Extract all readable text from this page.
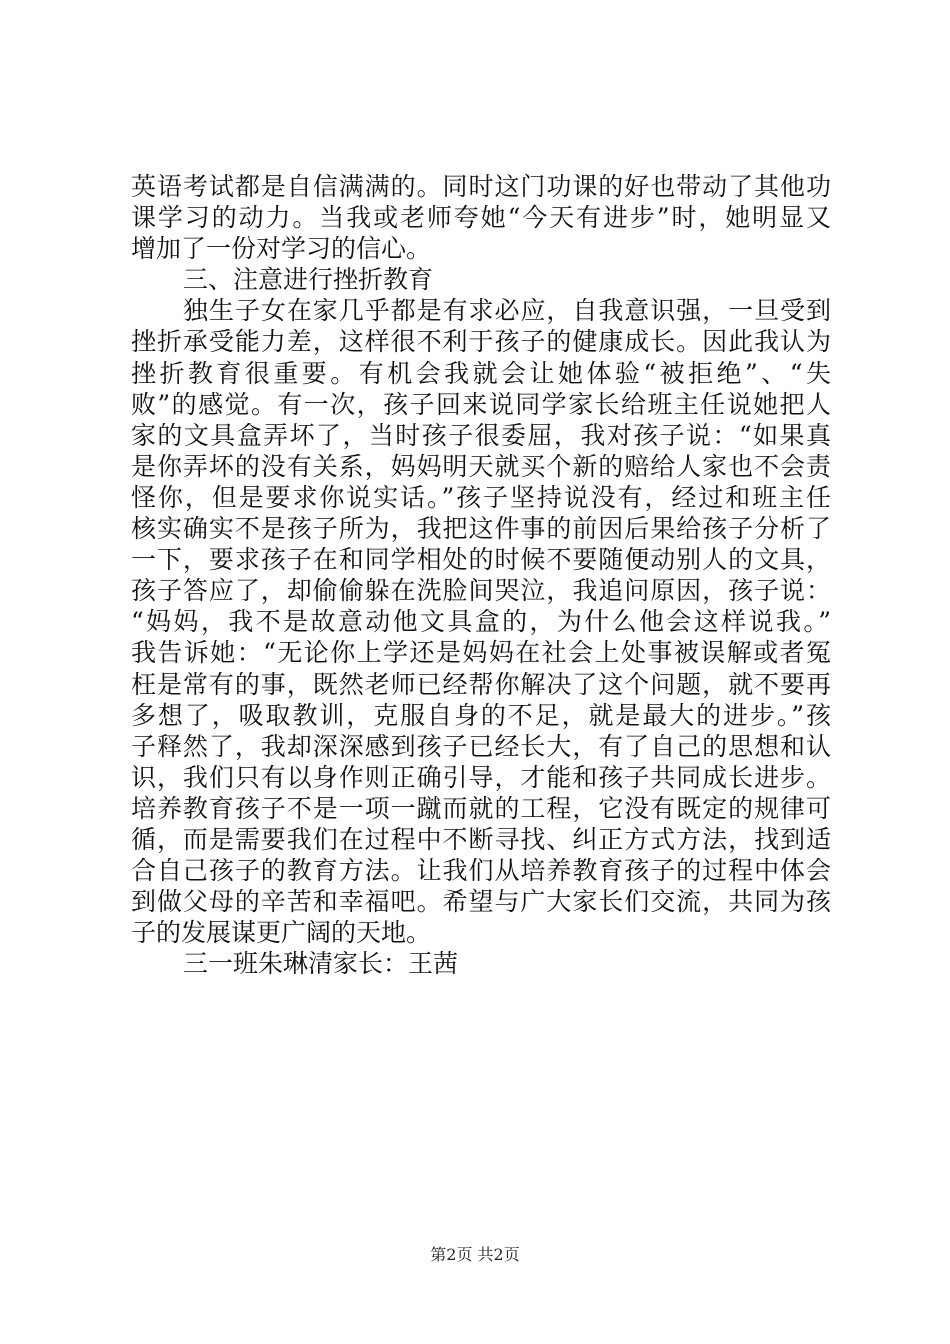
英语考试都是自信满满的。同时这门功课的好也带动了其他功
课学习的动力。当我或老师夸她“今天有进步”时，她明显又
增加了一份对学习的信心。
三、注意进行挫折教育
独生子女在家几乎都是有求必应，自我意识强，一旦受到
挫折承受能力差，这样很不利于孩子的健康成长。因此我认为
挫折教育很重要。有机会我就会让她体验“被拒绝”、“失
败”的感觉。有一次，孩子回来说同学家长给班主任说她把人
家的文具盒弄坏了，当时孩子很委屈，我对孩子说：“如果真
是你弄坏的没有关系，妈妈明天就买个新的赔给人家也不会责
怪你，但是要求你说实话。”孩子坚持说没有，经过和班主任
核实确实不是孩子所为，我把这件事的前因后果给孩子分析了
一下，要求孩子在和同学相处的时候不要随便动别人的文具，
孩子答应了，却偷偷躲在洗脸间哭泣，我追问原因，孩子说：
“妈妈，我不是故意动他文具盒的，为什么他会这样说我。”
我告诉她：“无论你上学还是妈妈在社会上处事被误解或者冤
枉是常有的事，既然老师已经帮你解决了这个问题，就不要再
多想了，吸取教训，克服自身的不足，就是最大的进步。”孩
子释然了，我却深深感到孩子已经长大，有了自己的思想和认
识，我们只有以身作则正确引导，才能和孩子共同成长进步。
培养教育孩子不是一项一蹴而就的工程，它没有既定的规律可
循，而是需要我们在过程中不断寻找、纠正方式方法，找到适
合自己孩子的教育方法。让我们从培养教育孩子的过程中体会
到做父母的辛苦和幸福吧。希望与广大家长们交流，共同为孩
子的发展谋更广阔的天地。
三一班朱琳清家长：王茜
第2页 共2页
